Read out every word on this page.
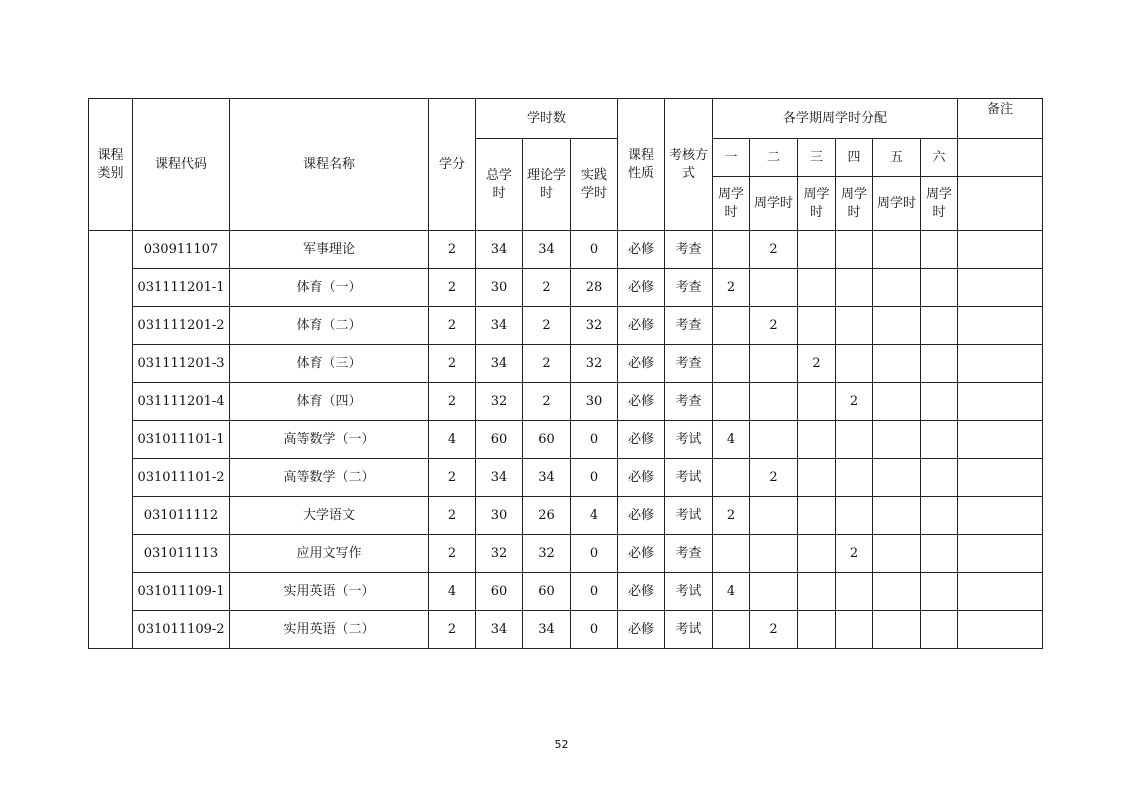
课程类别	课程代码	课程名称	学分	学时数			课程性质	考核方式	各学期周学时分配						备注
				总学时	理论学时	实践学时			一	二	三	四	五	六	
									周学时	周学时	周学时	周学时	周学时	周学时	
	030911107	军事理论	2	34	34	0	必修	考查		2					
	031111201-1	体育（一）	2	30	2	28	必修	考查	2						
	031111201-2	体育（二）	2	34	2	32	必修	考查		2					
	031111201-3	体育（三）	2	34	2	32	必修	考查			2				
	031111201-4	体育（四）	2	32	2	30	必修	考查				2			
	031011101-1	高等数学（一）	4	60	60	0	必修	考试	4						
	031011101-2	高等数学（二）	2	34	34	0	必修	考试		2					
	031011112	大学语文	2	30	26	4	必修	考试	2						
	031011113	应用文写作	2	32	32	0	必修	考查				2			
	031011109-1	实用英语（一）	4	60	60	0	必修	考试	4						
	031011109-2	实用英语（二）	2	34	34	0	必修	考试		2					
52
